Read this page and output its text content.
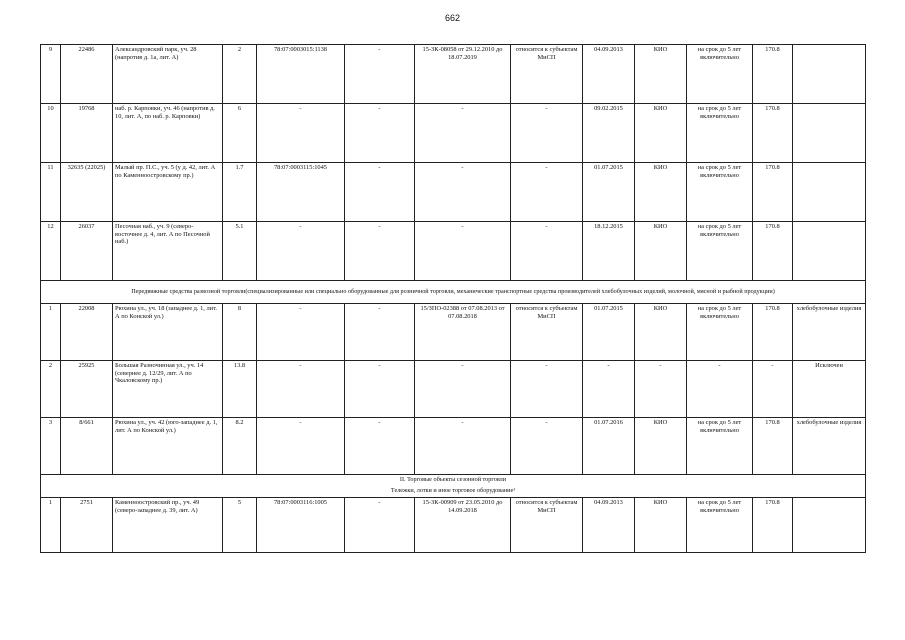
662
9	22486	Александровский парк, уч. 28 (напротив д. 1а, лит. А)	2	78:07:0003015:1138	-	15-ЗК-08058 от 29.12.2010 до 18.07.2019	относится к субъектам МиСП	04.09.2013	КИО	на срок до 5 лет включительно	170.8	
10	19768	наб. р. Карповки, уч. 46 (напротив д. 10, лит. А, по наб. р. Карповки)	6	-	-	-	-	09.02.2015	КИО	на срок до 5 лет включительно	170.8	
11	32635 (22025)	Малый пр. П.С., уч. 5 (у д. 42, лит. А по Каменноостровскому пр.)	1.7	78:07:0003115:1045	-	-	-	01.07.2015	КИО	на срок до 5 лет включительно	170.8	
12	26037	Песочная наб., уч. 9 (северо-восточнее д. 4, лит. А по Песочной наб.)	5.1	-	-	-	-	18.12.2015	КИО	на срок до 5 лет включительно	170.8	
Передвижные средства развозной торговли(специализированные или специально оборудованные для розничной торговли, механические транспортные средства производителей хлебобулочных изделий, молочной, мясной и рыбной продукции)												
1	22008	Рюхина ул., уч. 18 (западнее д. 1, лит. А по Конской ул.)	8	-	-	15/ЗПО-02388 от 07.08.2013 от 07.08.2018	относится к субъектам МиСП	01.07.2015	КИО	на срок до 5 лет включительно	170.8	хлебобулочные изделия
2	25925	Большая Разночинная ул., уч. 14 (севернее д. 12/29, лит. А по Чкаловскому пр.)	13.8	-	-	-	-	-	-	-	-	Исключен
3	8/661	Рюхина ул., уч. 42 (юго-западнее д. 1, лит. А по Конской ул.)	8.2	-	-	-	-	01.07.2016	КИО	на срок до 5 лет включительно	170.8	хлебобулочные изделия
II. Торговые объекты сезонной торговли												
Тележки, лотки и иное торговое оборудование¹												
1	2751	Каменноостровский пр., уч. 49 (северо-западнее д. 39, лит. А)	5	78:07:0003116:1005	-	15-ЗК-00909 от 23.05.2010 до 14.09.2018	относится к субъектам МиСП	04.09.2013	КИО	на срок до 5 лет включительно	170.8	
